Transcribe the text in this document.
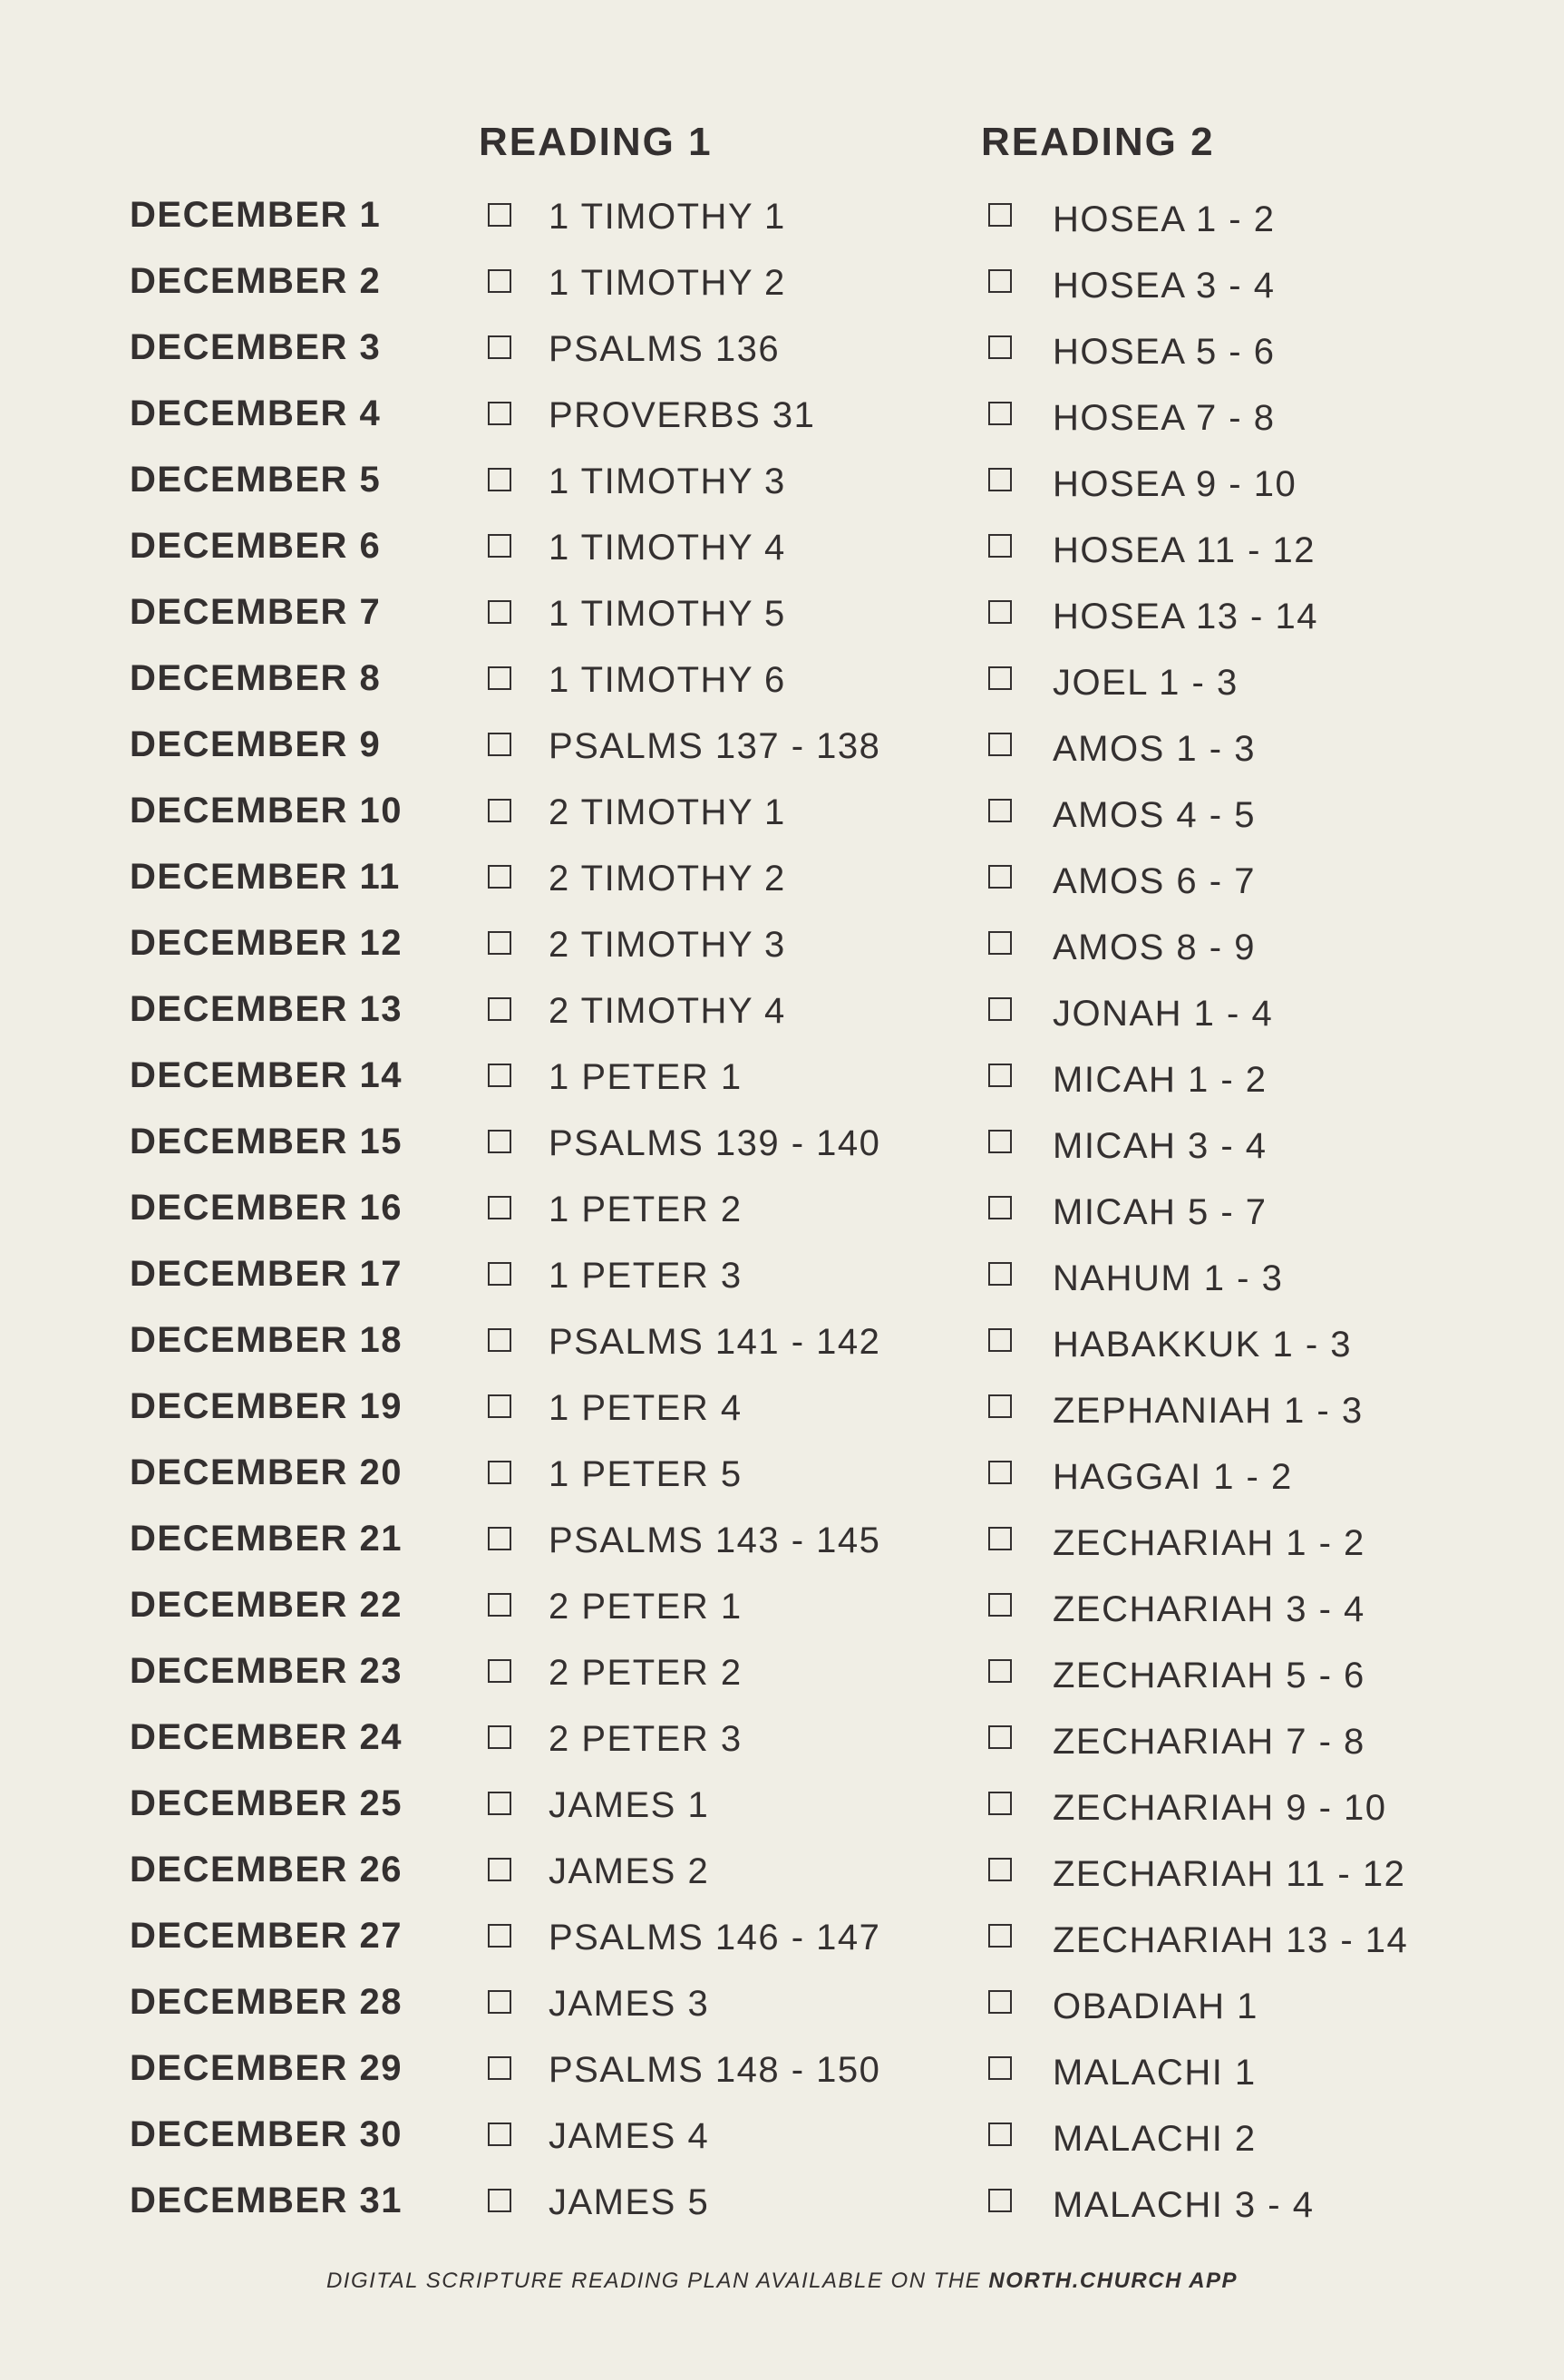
READING 1	READING 2
DECEMBER 1	1 TIMOTHY 1	HOSEA 1 - 2
DECEMBER 2	1 TIMOTHY 2	HOSEA 3 - 4
DECEMBER 3	PSALMS 136	HOSEA 5 - 6
DECEMBER 4	PROVERBS 31	HOSEA 7 - 8
DECEMBER 5	1 TIMOTHY 3	HOSEA 9 - 10
DECEMBER 6	1 TIMOTHY 4	HOSEA 11 - 12
DECEMBER 7	1 TIMOTHY 5	HOSEA 13 - 14
DECEMBER 8	1 TIMOTHY 6	JOEL 1 - 3
DECEMBER 9	PSALMS 137 - 138	AMOS 1 - 3
DECEMBER 10	2 TIMOTHY 1	AMOS 4 - 5
DECEMBER 11	2 TIMOTHY 2	AMOS 6 - 7
DECEMBER 12	2 TIMOTHY 3	AMOS 8 - 9
DECEMBER 13	2 TIMOTHY 4	JONAH 1 - 4
DECEMBER 14	1 PETER 1	MICAH 1 - 2
DECEMBER 15	PSALMS 139 - 140	MICAH 3 - 4
DECEMBER 16	1 PETER 2	MICAH 5 - 7
DECEMBER 17	1 PETER 3	NAHUM 1 - 3
DECEMBER 18	PSALMS 141 - 142	HABAKKUK 1 - 3
DECEMBER 19	1 PETER 4	ZEPHANIAH 1 - 3
DECEMBER 20	1 PETER 5	HAGGAI 1 - 2
DECEMBER 21	PSALMS 143 - 145	ZECHARIAH 1 - 2
DECEMBER 22	2 PETER 1	ZECHARIAH 3 - 4
DECEMBER 23	2 PETER 2	ZECHARIAH 5 - 6
DECEMBER 24	2 PETER 3	ZECHARIAH 7 - 8
DECEMBER 25	JAMES 1	ZECHARIAH 9 - 10
DECEMBER 26	JAMES 2	ZECHARIAH 11 - 12
DECEMBER 27	PSALMS 146 - 147	ZECHARIAH 13 - 14
DECEMBER 28	JAMES 3	OBADIAH 1
DECEMBER 29	PSALMS 148 - 150	MALACHI 1
DECEMBER 30	JAMES 4	MALACHI 2
DECEMBER 31	JAMES 5	MALACHI 3 - 4
DIGITAL SCRIPTURE READING PLAN AVAILABLE ON THE NORTH.CHURCH APP
